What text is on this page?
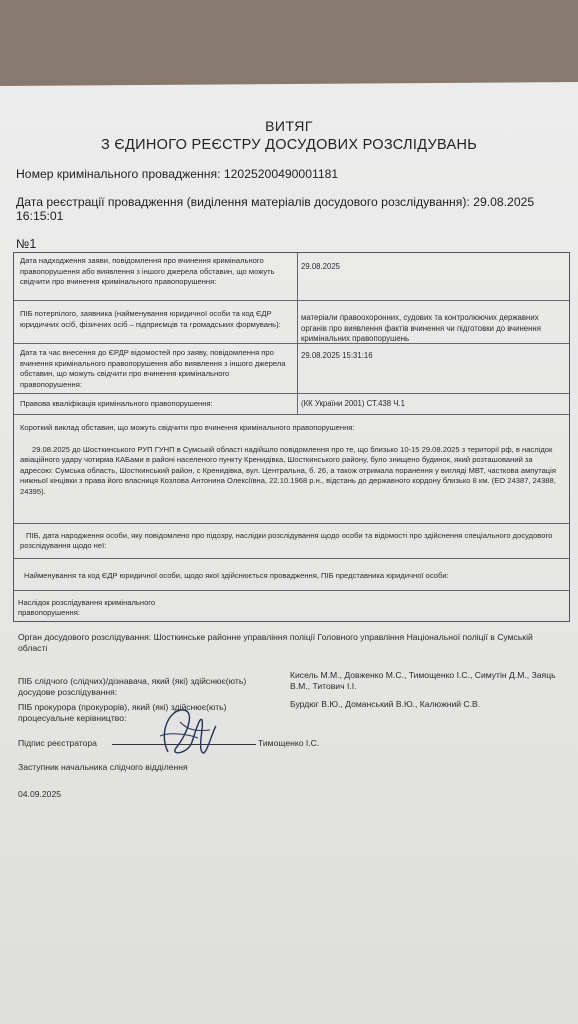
ВИТЯГ
З ЄДИНОГО РЕЄСТРУ ДОСУДОВИХ РОЗСЛІДУВАНЬ
Номер кримінального провадження: 12025200490001181
Дата реєстрації провадження (виділення матеріалів досудового розслідування): 29.08.2025 16:15:01
№1
Дата надходження заяви, повідомлення про вчинення кримінального правопорушення або виявлення з іншого джерела обставин, що можуть свідчити про вчинення кримінального правопорушення:
29.08.2025
ПІБ потерпілого, заявника (найменування юридичної особи та код ЄДР юридичних осіб, фізичних осіб – підприємців та громадських формувань):
матеріали правоохоронних, судових та контролюючих державних органів про виявлення фактів вчинення чи підготовки до вчинення кримінальних правопорушень
Дата та час внесення до ЄРДР відомостей про заяву, повідомлення про вчинення кримінального правопорушення або виявлення з іншого джерела обставин, що можуть свідчити про вчинення кримінального правопорушення:
29.08.2025 15:31:16
Правова кваліфікація кримінального правопорушення:	(КК України 2001) СТ.438 Ч.1
Короткий виклад обставин, що можуть свідчити про вчинення кримінального правопорушення:
29.08.2025 до Шосткинського РУП ГУНП в Сумській області надійшло повідомлення про те, що близько 10-15 29.08.2025 з території рф, в наслідок авіаційного удару чотирма КАБами в районі населеного пункту Кренидівка, Шосткинського району, було знищено будинок, який розташований за адресою: Сумська область, Шосткинський район, с Кренидівка, вул. Центральна, б. 26, а також отримала поранення у вигляді МВТ, часткова ампутація нижньої кінцівки з права його власниця Козлова Антонина Олексіївна, 22.10.1968 р.н., відстань до державного кордону близько 8 км. (ЕО 24387, 24388, 24395).
ПІБ, дата народження особи, яку повідомлено про підозру, наслідки розслідування щодо особи та відомості про здійснення спеціального досудового розслідування щодо неї:
Найменування та код ЄДР юридичної особи, щодо якої здійснюється провадження, ПІБ представника юридичної особи:
Наслідок розслідування кримінального правопорушення:
Орган досудового розслідування: Шосткинське районне управління поліції Головного управління Національної поліції в Сумській області
ПІБ слідчого (слідчих)/дізнавача, який (які) здійснює(ють) досудове розслідування:
Кисель М.М., Довженко М.С., Тимощенко І.С., Симутін Д.М., Заяць В.М., Титович І.І.
ПІБ прокурора (прокурорів), який (які) здійснює(ють) процесуальне керівництво:
Бурдюг В.Ю., Доманський В.Ю., Калюжний С.В.
Підпис реєстратора	Тимощенко І.С.
Заступник начальника слідчого відділення
04.09.2025
